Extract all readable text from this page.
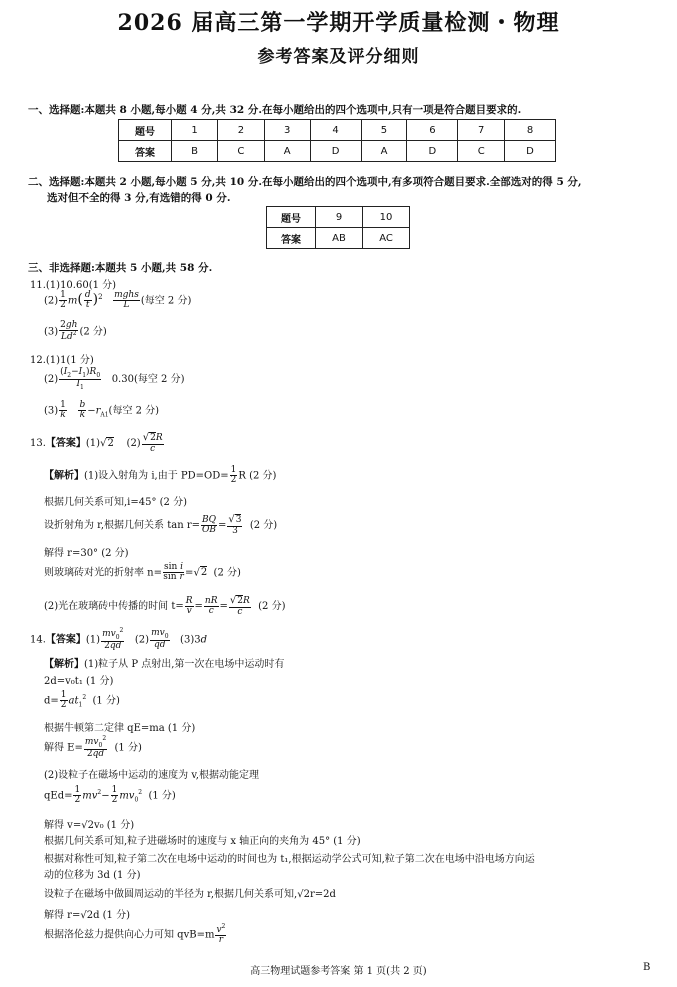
2026 届高三第一学期开学质量检测・物理
参考答案及评分细则
一、选择题:本题共 8 小题,每小题 4 分,共 32 分.在每小题给出的四个选项中,只有一项是符合题目要求的.
题号	1	2	3	4	5	6	7	8
答案	B	C	A	D	A	D	C	D
二、选择题:本题共 2 小题,每小题 5 分,共 10 分.在每小题给出的四个选项中,有多项符合题目要求.全部选对的得 5 分,
选对但不全的得 3 分,有选错的得 0 分.
题号	9	10
答案	AB	AC
三、非选择题:本题共 5 小题,共 58 分.
11.(1)10.60(1 分)
$(2) \frac{1}{2} m( \frac{d}{t} )^2 \frac{\text{mghs}}{L}$ (每空 2 分)
$(3) \frac{2gh}{Ld^2} (2$ 分)
12.(1)1(1 分)
$(2) \frac{(I_2-I_1)R_0}{I_1} 0.30$(每空 2 分)
$(3) \frac{1}{k}$
$\frac{b}{k} -r_{A1}$(每空 2 分)
13.【答案】(1)√2    $(2) \frac{√2R}{c}$
【解析】(1)设入射角为 i,由于 $PD=OD= \frac{1}{2}$ R (2 分)
根据几何关系可知,i=45° (2 分)
设折射角为 r,根据几何关系 $\tan r= \frac{BQ}{OB} = \frac{√3}{3} (2$ 分)
解得 r=30° (2 分)
则玻璃砖对光的折射率 $n= \frac{\text{sin i}}{\text{sin r}} =√2$ (2 分)
(2)光在玻璃砖中传播的时间 $t= \frac{R}{v} = \frac{nR}{c} = \frac{√2R}{c} (2$ 分)
14.【答案】$(1) \frac{mv_0^2}{2qd} (2) \frac{mv_0}{qd} (3)3d$
【解析】(1)粒子从 P 点射出,第一次在电场中运动时有
2d=v₀t₁ (1 分)
$d= \frac{1}{2} at_1^2$ (1 分)
根据牛顿第二定律 qE=ma (1 分)
解得 $E= \frac{mv_0^2}{2qd} (1$ 分)
(2)设粒子在磁场中运动的速度为 v,根据动能定理
$qEd= \frac{1}{2} mv^2- \frac{1}{2} mv_0^2$ (1 分)
解得 v=√2v₀ (1 分)
根据几何关系可知,粒子进磁场时的速度与 x 轴正向的夹角为 45° (1 分)
根据对称性可知,粒子第二次在电场中运动的时间也为 t₁,根据运动学公式可知,粒子第二次在电场中沿电场方向运
动的位移为 3d (1 分)
设粒子在磁场中做圆周运动的半径为 r,根据几何关系可知,√2r=2d
解得 r=√2d (1 分)
根据洛伦兹力提供向心力可知 $qvB=m \frac{v^2}{r}$
高三物理试题参考答案 第 1 页(共 2 页)	B
